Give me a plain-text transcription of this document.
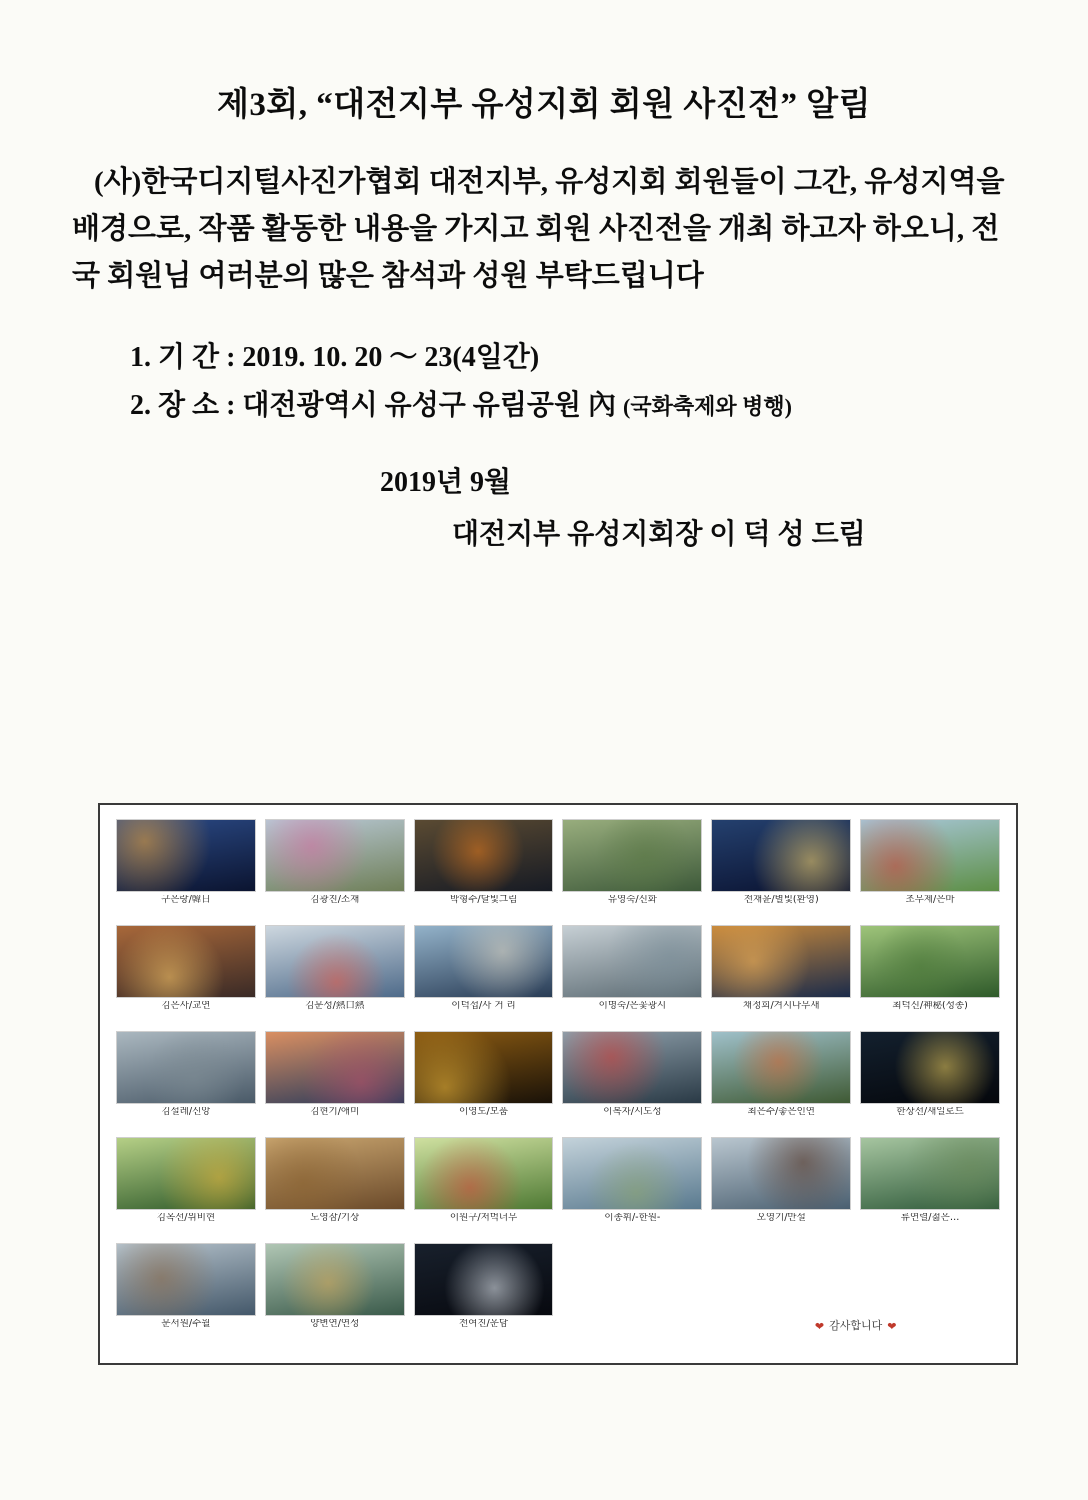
제3회, “대전지부 유성지회 회원 사진전” 알림

(사)한국디지털사진가협회 대전지부, 유성지회 회원들이 그간, 유성지역을 배경으로, 작품 활동한 내용을 가지고 회원 사진전을 개최 하고자 하오니, 전국 회원님 여러분의 많은 참석과 성원 부탁드립니다

1. 기 간 : 2019. 10. 20 ～ 23(4일간)
2. 장 소 : 대전광역시 유성구 유림공원 內 (국화축제와 병행)
2019년 9월
대전지부 유성지회장 이 덕 성 드림
구은랑/韓日	김광진/소재	박형수/달빛그림	유영숙/신화	전재윤/별빛(환영)	조무제/은마
김은사/교연	김문성/熱口熱	이덕섭/사 거 리	이명숙/은꽃광시	채정희/겨시나무새	최덕신/神秘(성종)
김설레/신앙	김현기/애미	이영도/모품	이복자/시도성	최은수/좋은인연	한상선/새일로드
김옥선/위비현	노영잠/기상	이원구/저먹너무	이종휘/-한원-	오영기/만설	류연렬/젊은…
문서원/수월	양변연/연성	전여진/운담	❤ 감사합니다 ❤
